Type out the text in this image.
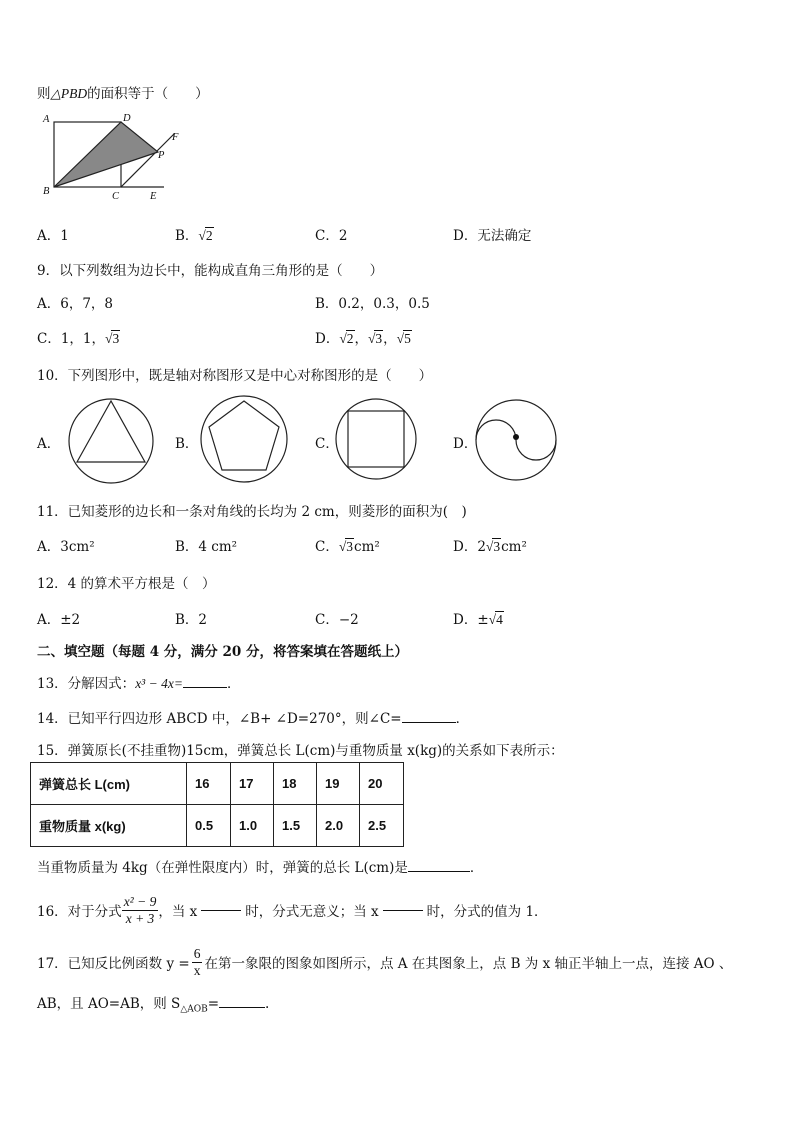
则△PBD的面积等于（　　）
A	D
F
P
B	C	E
A．1	B．√2	C．2	D．无法确定
9．以下列数组为边长中，能构成直角三角形的是（　　）
A．6，7，8	B．0.2，0.3，0.5
C．1，1，√3	D．√2，√3，√5
10．下列图形中，既是轴对称图形又是中心对称图形的是（　　）
A．	B．	C．	D．
11．已知菱形的边长和一条对角线的长均为 2 cm，则菱形的面积为(　)
A．3cm²	B．4 cm²	C．√3cm²	D．2√3cm²
12．4 的算术平方根是（　）
A．±2	B．2	C．−2	D．±√4
二、填空题（每题 4 分，满分 20 分，将答案填在答题纸上）
13．分解因式：x³ − 4x=	．
14．已知平行四边形 ABCD 中，∠B+ ∠D=270°，则∠C=	．
15．弹簧原长(不挂重物)15cm，弹簧总长 L(cm)与重物质量 x(kg)的关系如下表所示：
弹簧总长 L(cm)	16	17	18	19	20
重物质量 x(kg)	0.5	1.0	1.5	2.0	2.5
当重物质量为 4kg（在弹性限度内）时，弹簧的总长 L(cm)是	．
16．对于分式 $\frac{\text{x² − 9}}{x + 3}$ ，当 x	时，分式无意义；当 x	时，分式的值为 1．
17．已知反比例函数 $y = \frac{6}{x}$ 在第一象限的图象如图所示，点 A 在其图象上，点 B 为 x 轴正半轴上一点，连接 AO 、
AB，且 AO=AB，则 $S_{\triangle AOB}=$	.
